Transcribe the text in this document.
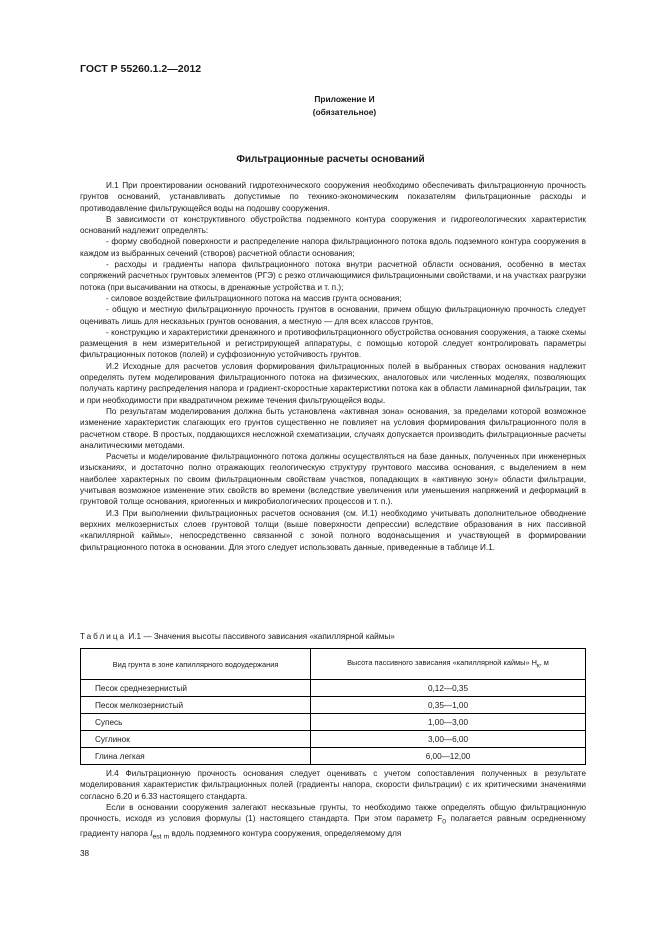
ГОСТ Р 55260.1.2—2012
Приложение И
(обязательное)
Фильтрационные расчеты оснований

И.1 При проектировании оснований гидротехнического сооружения необходимо обеспечивать фильтрационную прочность грунтов оснований, устанавливать допустимые по технико-экономическим показателям фильтрационные расходы и противодавление фильтрующейся воды на подошву сооружения.

В зависимости от конструктивного обустройства подземного контура сооружения и гидрогеологических характеристик оснований надлежит определять:

- форму свободной поверхности и распределение напора фильтрационного потока вдоль подземного контура сооружения в каждом из выбранных сечений (створов) расчетной области основания;

- расходы и градиенты напора фильтрационного потока внутри расчетной области основания, особенно в местах сопряжений расчетных грунтовых элементов (РГЭ) с резко отличающимися фильтрационными свойствами, и на участках разгрузки потока (при высачивании на откосы, в дренажные устройства и т. п.);

- силовое воздействие фильтрационного потока на массив грунта основания;

- общую и местную фильтрационную прочность грунтов в основании, причем общую фильтрационную прочность следует оценивать лишь для несказьных грунтов основания, а местную — для всех классов грунтов,

- конструкцию и характеристики дренажного и противофильтрационного обустройства основания сооружения, а также схемы размещения в нем измерительной и регистрирующей аппаратуры, с помощью которой следует контролировать параметры фильтрационных потоков (полей) и суффозионную устойчивость грунтов.

И.2 Исходные для расчетов условия формирования фильтрационных полей в выбранных створах основания надлежит определять путем моделирования фильтрационного потока на физических, аналоговых или численных моделях, позволяющих получать картину распределения напора и градиент-скоростные характеристики потока как в области ламинарной фильтрации, так и при необходимости при квадратичном режиме течения фильтрующейся воды.

По результатам моделирования должна быть установлена «активная зона» основания, за пределами которой возможное изменение характеристик слагающих его грунтов существенно не повлияет на условия формирования фильтрационного поля в расчетном створе. В простых, поддающихся несложной схематизации, случаях допускается производить фильтрационные расчеты аналитическими методами.

Расчеты и моделирование фильтрационного потока должны осуществляться на базе данных, полученных при инженерных изысканиях, и достаточно полно отражающих геологическую структуру грунтового массива основания, с выделением в нем наиболее характерных по своим фильтрационным свойствам участков, попадающих в «активную зону» области фильтрации, учитывая возможное изменение этих свойств во времени (вследствие увеличения или уменьшения напряжений и деформаций в грунтовой толще основания, криогенных и микробиологических процессов и т. п.).

И.3 При выполнении фильтрационных расчетов основания (см. И.1) необходимо учитывать дополнительное обводнение верхних мелкозернистых слоев грунтовой толщи (выше поверхности депрессии) вследствие образования в них пассивной «капиллярной каймы», непосредственно связанной с зоной полного водонасыщения и участвующей в формировании фильтрационного потока в основании. Для этого следует использовать данные, приведенные в таблице И.1.

Таблица И.1 — Значения высоты пассивного зависания «капиллярной каймы»
Вид грунта в зоне капиллярного водоудержания	Высота пассивного зависания «капиллярной каймы» $H_к$, м
Песок среднезернистый	0,12—0,35
Песок мелкозернистый	0,35—1,00
Супесь	1,00—3,00
Суглинок	3,00—6,00
Глина легкая	6,00—12,00

И.4 Фильтрационную прочность основания следует оценивать с учетом сопоставления полученных в результате моделирования характеристик фильтрационных полей (градиенты напора, скорости фильтрации) с их критическими значениями согласно 6.20 и 6.33 настоящего стандарта.

Если в основании сооружения залегают несказьные грунты, то необходимо также определять общую фильтрационную прочность, исходя из условия формулы (1) настоящего стандарта. При этом параметр $F_0$ полагается равным осредненному градиенту напора $I_{est m}$ вдоль подземного контура сооружения, определяемому для

38
